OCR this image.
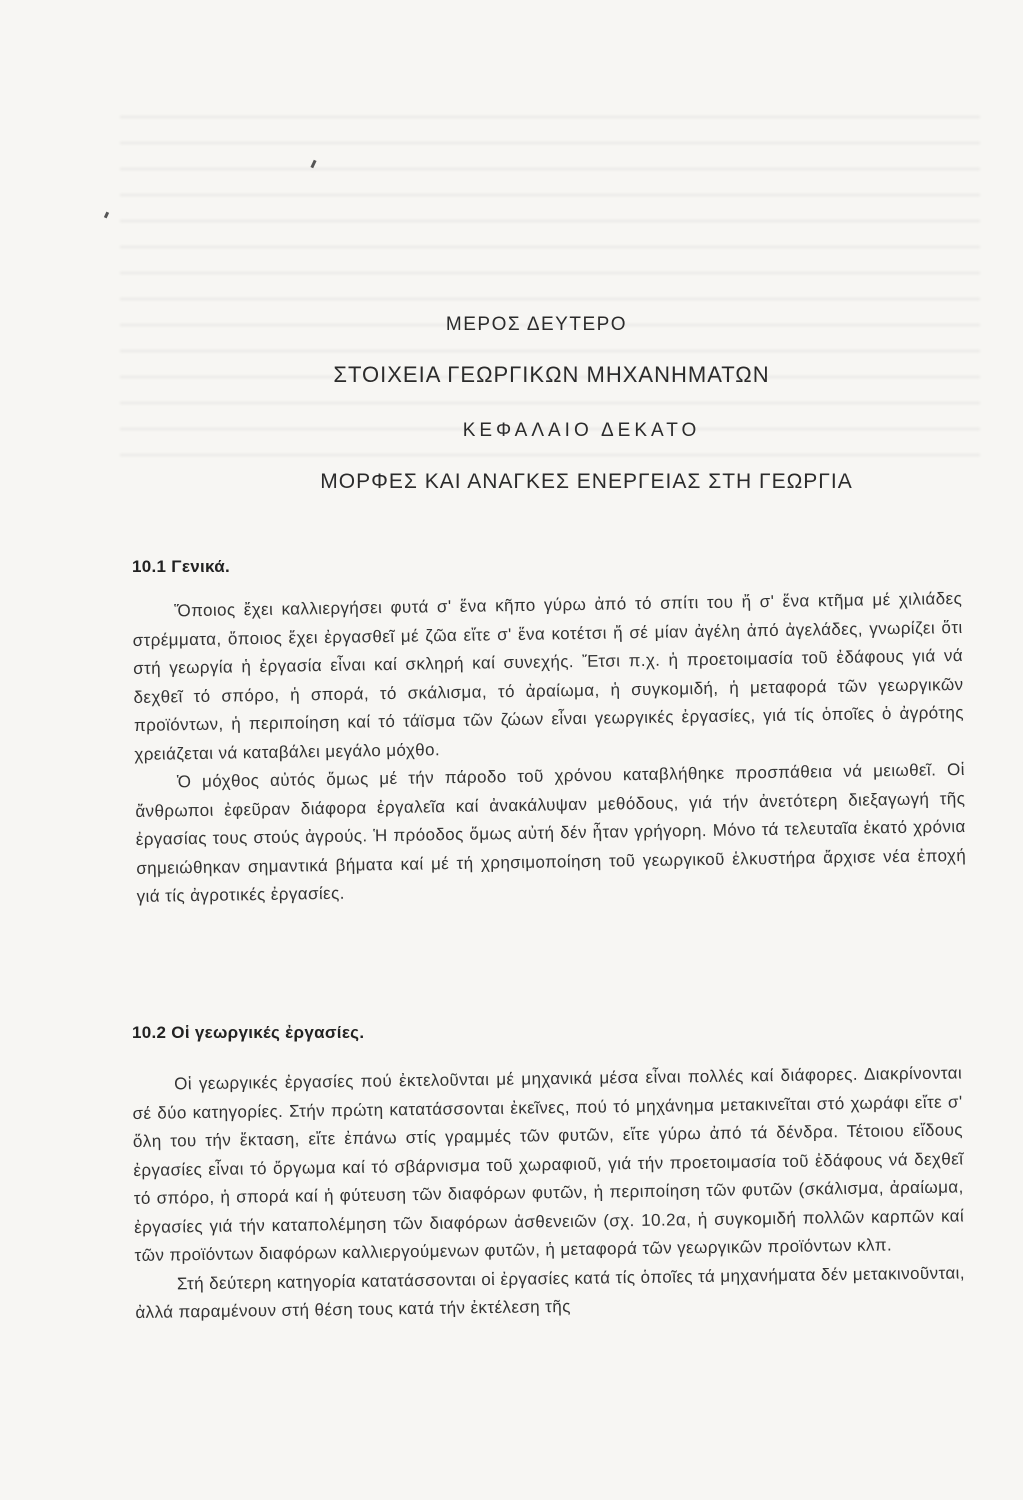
ΜΕΡΟΣ ΔΕΥΤΕΡΟ
ΣΤΟΙΧΕΙΑ ΓΕΩΡΓΙΚΩΝ ΜΗΧΑΝΗΜΑΤΩΝ
ΚΕΦΑΛΑΙΟ ΔΕΚΑΤΟ
ΜΟΡΦΕΣ ΚΑΙ ΑΝΑΓΚΕΣ ΕΝΕΡΓΕΙΑΣ ΣΤΗ ΓΕΩΡΓΙΑ
10.1 Γενικά.

Ὅποιος ἔχει καλλιεργήσει φυτά σ' ἕνα κῆπο γύρω ἀπό τό σπίτι του ἤ σ' ἕνα κτῆμα μέ χιλιάδες στρέμματα, ὅποιος ἔχει ἐργασθεῖ μέ ζῶα εἴτε σ' ἕνα κοτέτσι ἤ σέ μίαν ἀγέλη ἀπό ἀγελάδες, γνωρίζει ὅτι στή γεωργία ἡ ἐργασία εἶναι καί σκληρή καί συνεχής. Ἔτσι π.χ. ἡ προετοιμασία τοῦ ἐδάφους γιά νά δεχθεῖ τό σπόρο, ἡ σπορά, τό σκάλισμα, τό ἀραίωμα, ἡ συγκομιδή, ἡ μεταφορά τῶν γεωργικῶν προϊόντων, ἡ περιποίηση καί τό τάϊσμα τῶν ζώων εἶναι γεωργικές ἐργασίες, γιά τίς ὁποῖες ὁ ἀγρότης χρειάζεται νά καταβάλει μεγάλο μόχθο.

Ὁ μόχθος αὐτός ὅμως μέ τήν πάροδο τοῦ χρόνου καταβλήθηκε προσπάθεια νά μειωθεῖ. Οἱ ἄνθρωποι ἐφεῦραν διάφορα ἐργαλεῖα καί ἀνακάλυψαν μεθόδους, γιά τήν ἀνετότερη διεξαγωγή τῆς ἐργασίας τους στούς ἀγρούς. Ἡ πρόοδος ὅμως αὐτή δέν ἦταν γρήγορη. Μόνο τά τελευταῖα ἑκατό χρόνια σημειώθηκαν σημαντικά βήματα καί μέ τή χρησιμοποίηση τοῦ γεωργικοῦ ἑλκυστήρα ἄρχισε νέα ἐποχή γιά τίς ἀγροτικές ἐργασίες.

10.2 Οἱ γεωργικές ἐργασίες.

Οἱ γεωργικές ἐργασίες πού ἐκτελοῦνται μέ μηχανικά μέσα εἶναι πολλές καί διάφορες. Διακρίνονται σέ δύο κατηγορίες. Στήν πρώτη κατατάσσονται ἐκεῖνες, πού τό μηχάνημα μετακινεῖται στό χωράφι εἴτε σ' ὅλη του τήν ἔκταση, εἴτε ἐπάνω στίς γραμμές τῶν φυτῶν, εἴτε γύρω ἀπό τά δένδρα. Τέτοιου εἴδους ἐργασίες εἶναι τό ὄργωμα καί τό σβάρνισμα τοῦ χωραφιοῦ, γιά τήν προετοιμασία τοῦ ἐδάφους νά δεχθεῖ τό σπόρο, ἡ σπορά καί ἡ φύτευση τῶν διαφόρων φυτῶν, ἡ περιποίηση τῶν φυτῶν (σκάλισμα, ἀραίωμα, ἐργασίες γιά τήν καταπολέμηση τῶν διαφόρων ἀσθενειῶν (σχ. 10.2α, ἡ συγκομιδή πολλῶν καρπῶν καί τῶν προϊόντων διαφόρων καλλιεργούμενων φυτῶν, ἡ μεταφορά τῶν γεωργικῶν προϊόντων κλπ.

Στή δεύτερη κατηγορία κατατάσσονται οἱ ἐργασίες κατά τίς ὁποῖες τά μηχανήματα δέν μετακινοῦνται, ἀλλά παραμένουν στή θέση τους κατά τήν ἐκτέλεση τῆς
